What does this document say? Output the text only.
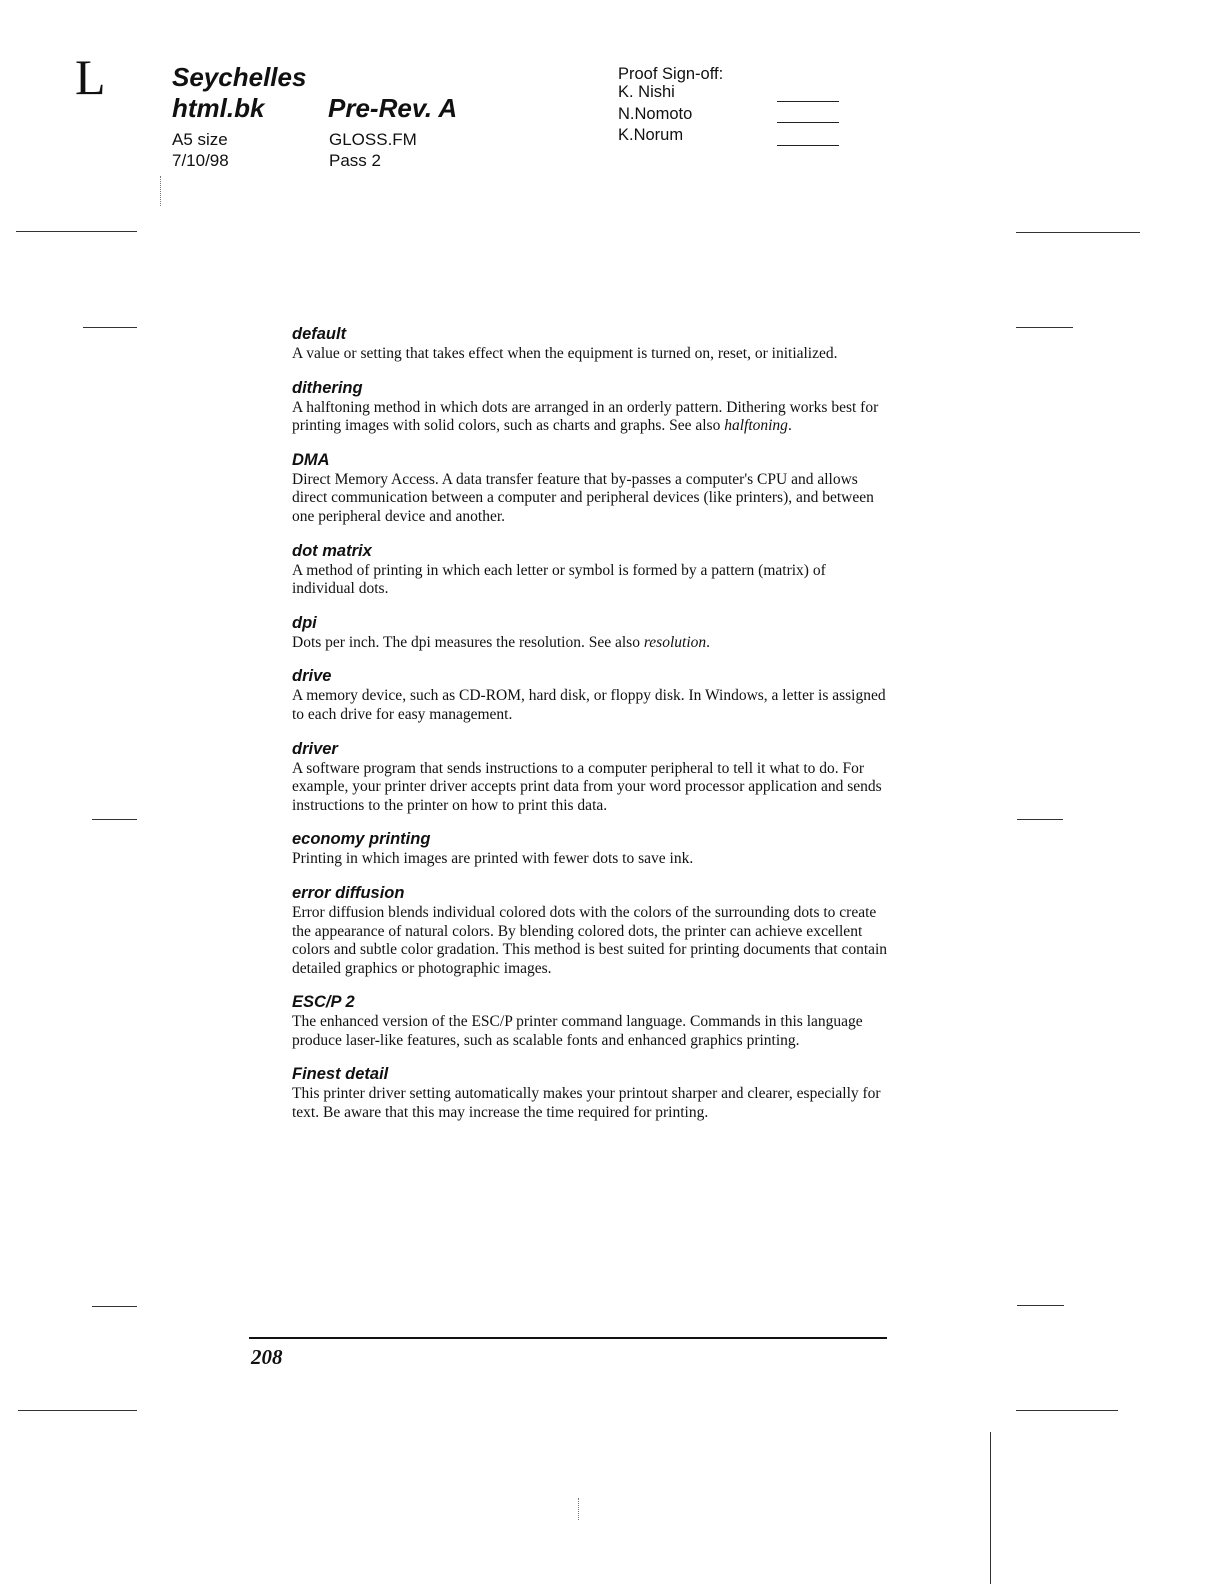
L	Seychelles
html.bk Pre-Rev. A
A5 size
7/10/98
GLOSS.FM
Pass 2
Proof Sign-off:
K. Nishi
N.Nomoto
K.Norum
default

A value or setting that takes effect when the equipment is turned on, reset, or initialized.

dithering

A halftoning method in which dots are arranged in an orderly pattern. Dithering works best for printing images with solid colors, such as charts and graphs. See also halftoning.

DMA

Direct Memory Access. A data transfer feature that by-passes a computer's CPU and allows direct communication between a computer and peripheral devices (like printers), and between one peripheral device and another.

dot matrix

A method of printing in which each letter or symbol is formed by a pattern (matrix) of individual dots.

dpi

Dots per inch. The dpi measures the resolution. See also resolution.

drive

A memory device, such as CD-ROM, hard disk, or floppy disk. In Windows, a letter is assigned to each drive for easy management.

driver

A software program that sends instructions to a computer peripheral to tell it what to do. For example, your printer driver accepts print data from your word processor application and sends instructions to the printer on how to print this data.

economy printing

Printing in which images are printed with fewer dots to save ink.

error diffusion

Error diffusion blends individual colored dots with the colors of the surrounding dots to create the appearance of natural colors. By blending colored dots, the printer can achieve excellent colors and subtle color gradation. This method is best suited for printing documents that contain detailed graphics or photographic images.

ESC/P 2

The enhanced version of the ESC/P printer command language. Commands in this language produce laser-like features, such as scalable fonts and enhanced graphics printing.

Finest detail

This printer driver setting automatically makes your printout sharper and clearer, especially for text. Be aware that this may increase the time required for printing.

208
